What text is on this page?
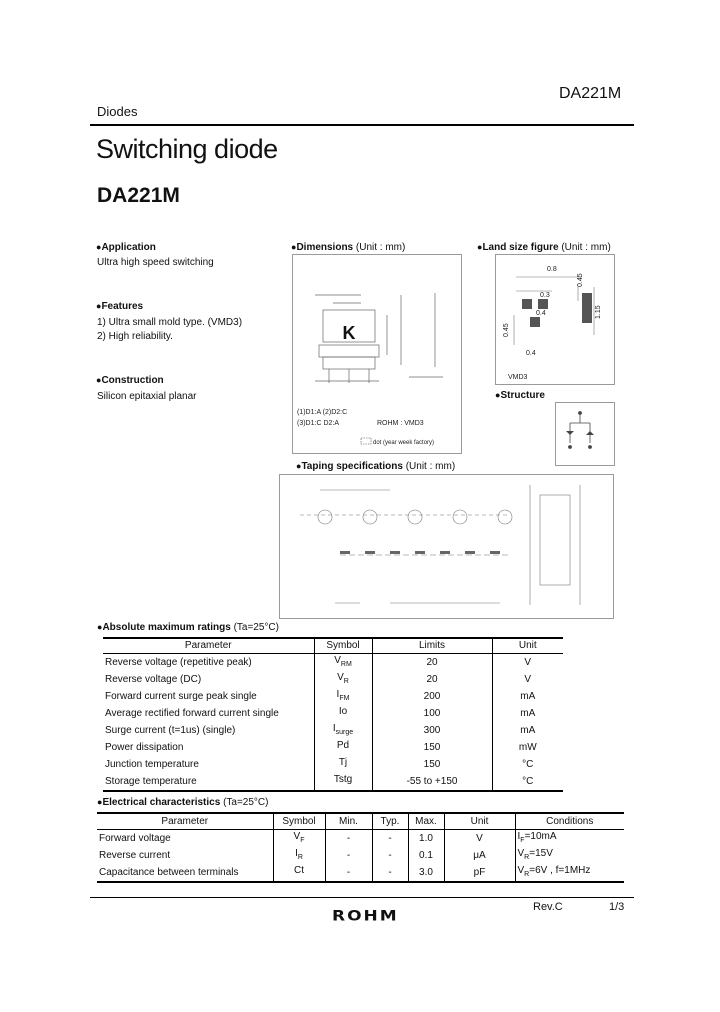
DA221M
Diodes
Switching diode
DA221M
●Application
Ultra high speed switching
●Features
1) Ultra small mold type. (VMD3)
2) High reliability.
●Construction
Silicon epitaxial planar
●Dimensions (Unit : mm)
K
(1)D1:A (2)D2:C
(3)D1:C D2:A	ROHM : VMD3
dot (year week factory)
●Land size figure (Unit : mm)
0.8
0.3
0.4
0.45
1.15
0.45
0.4
VMD3
●Structure
●Taping specifications (Unit : mm)
●Absolute maximum ratings (Ta=25°C)
Parameter	Symbol	Limits	Unit
Reverse voltage (repetitive peak)	$V_{RM}$	20	V
Reverse voltage (DC)	$V_R$	20	V
Forward current surge peak single	$I_{FM}$	200	mA
Average rectified forward current single	Io	100	mA
Surge current (t=1us) (single)	$I_{surge}$	300	mA
Power dissipation	Pd	150	mW
Junction temperature	Tj	150	°C
Storage temperature	Tstg	-55 to +150	°C
●Electrical characteristics (Ta=25°C)
Parameter	Symbol	Min.	Typ.	Max.	Unit	Conditions
Forward voltage	$V_F$	-	-	1.0	V	$I_F=10mA$
Reverse current	$I_R$	-	-	0.1	μA	$V_R=15V$
Capacitance between terminals	Ct	-	-	3.0	pF	$V_R=6V$ , f=1MHz
Rev.C	1/3
ROHM
